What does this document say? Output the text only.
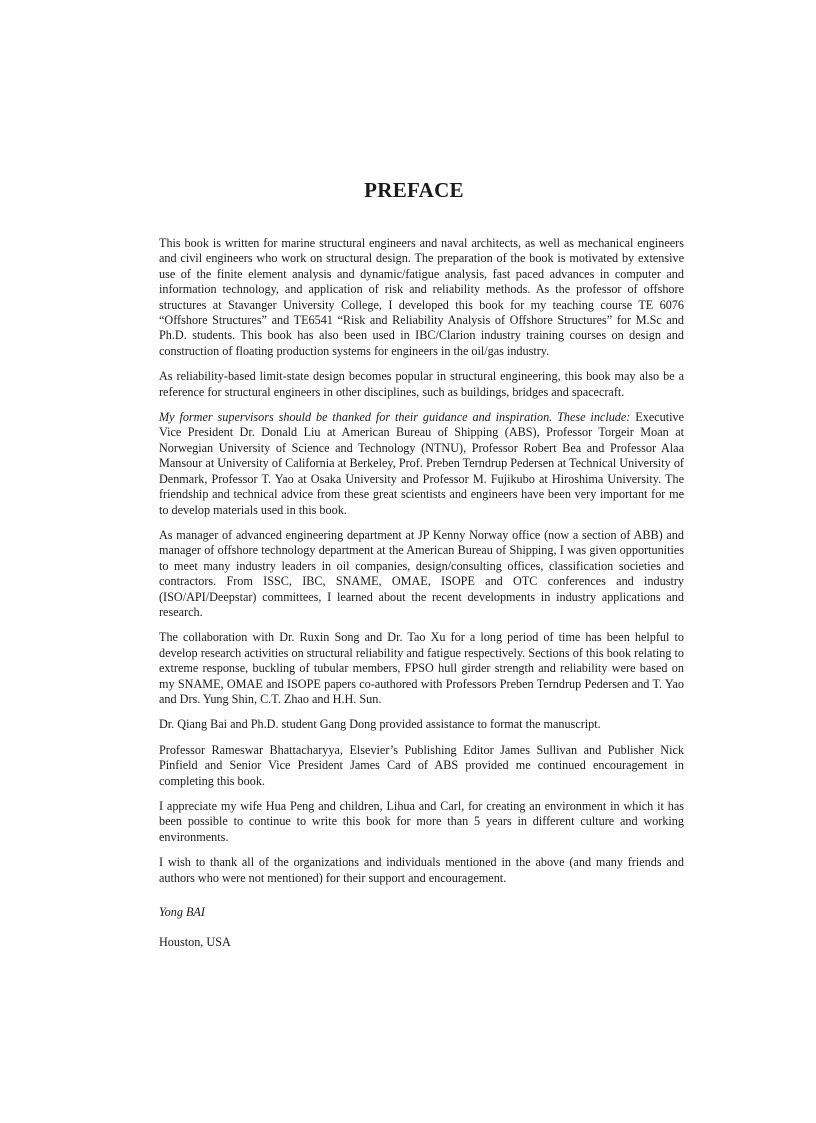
PREFACE

This book is written for marine structural engineers and naval architects, as well as mechanical engineers and civil engineers who work on structural design. The preparation of the book is motivated by extensive use of the finite element analysis and dynamic/fatigue analysis, fast paced advances in computer and information technology, and application of risk and reliability methods. As the professor of offshore structures at Stavanger University College, I developed this book for my teaching course TE 6076 “Offshore Structures” and TE6541 “Risk and Reliability Analysis of Offshore Structures” for M.Sc and Ph.D. students. This book has also been used in IBC/Clarion industry training courses on design and construction of floating production systems for engineers in the oil/gas industry.

As reliability-based limit-state design becomes popular in structural engineering, this book may also be a reference for structural engineers in other disciplines, such as buildings, bridges and spacecraft.

My former supervisors should be thanked for their guidance and inspiration. These include: Executive Vice President Dr. Donald Liu at American Bureau of Shipping (ABS), Professor Torgeir Moan at Norwegian University of Science and Technology (NTNU), Professor Robert Bea and Professor Alaa Mansour at University of California at Berkeley, Prof. Preben Terndrup Pedersen at Technical University of Denmark, Professor T. Yao at Osaka University and Professor M. Fujikubo at Hiroshima University. The friendship and technical advice from these great scientists and engineers have been very important for me to develop materials used in this book.

As manager of advanced engineering department at JP Kenny Norway office (now a section of ABB) and manager of offshore technology department at the American Bureau of Shipping, I was given opportunities to meet many industry leaders in oil companies, design/consulting offices, classification societies and contractors. From ISSC, IBC, SNAME, OMAE, ISOPE and OTC conferences and industry (ISO/API/Deepstar) committees, I learned about the recent developments in industry applications and research.

The collaboration with Dr. Ruxin Song and Dr. Tao Xu for a long period of time has been helpful to develop research activities on structural reliability and fatigue respectively. Sections of this book relating to extreme response, buckling of tubular members, FPSO hull girder strength and reliability were based on my SNAME, OMAE and ISOPE papers co-authored with Professors Preben Terndrup Pedersen and T. Yao and Drs. Yung Shin, C.T. Zhao and H.H. Sun.

Dr. Qiang Bai and Ph.D. student Gang Dong provided assistance to format the manuscript.

Professor Rameswar Bhattacharyya, Elsevier’s Publishing Editor James Sullivan and Publisher Nick Pinfield and Senior Vice President James Card of ABS provided me continued encouragement in completing this book.

I appreciate my wife Hua Peng and children, Lihua and Carl, for creating an environment in which it has been possible to continue to write this book for more than 5 years in different culture and working environments.

I wish to thank all of the organizations and individuals mentioned in the above (and many friends and authors who were not mentioned) for their support and encouragement.

Yong BAI

Houston, USA
